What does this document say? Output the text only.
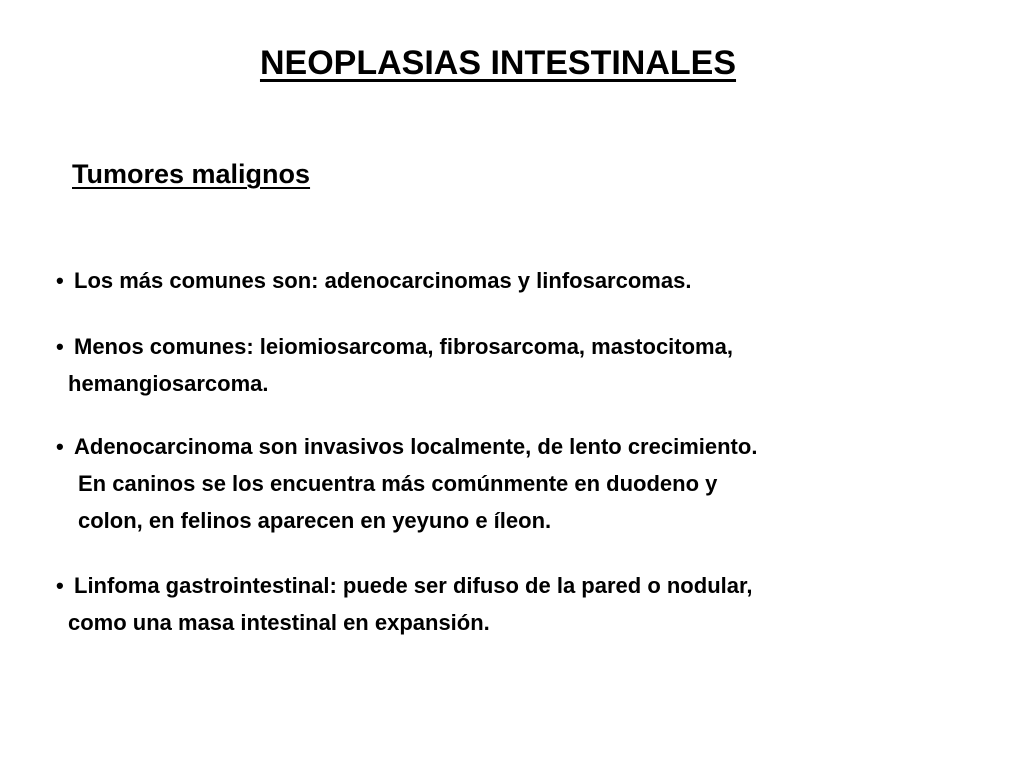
NEOPLASIAS INTESTINALES
Tumores malignos
• Los más comunes son: adenocarcinomas y linfosarcomas.
• Menos comunes: leiomiosarcoma, fibrosarcoma, mastocitoma,
hemangiosarcoma.
• Adenocarcinoma son invasivos localmente, de lento crecimiento.
En caninos se los encuentra más comúnmente en duodeno y
colon, en felinos aparecen en yeyuno e íleon.
• Linfoma gastrointestinal: puede ser difuso de la pared o nodular,
como una masa intestinal en expansión.
